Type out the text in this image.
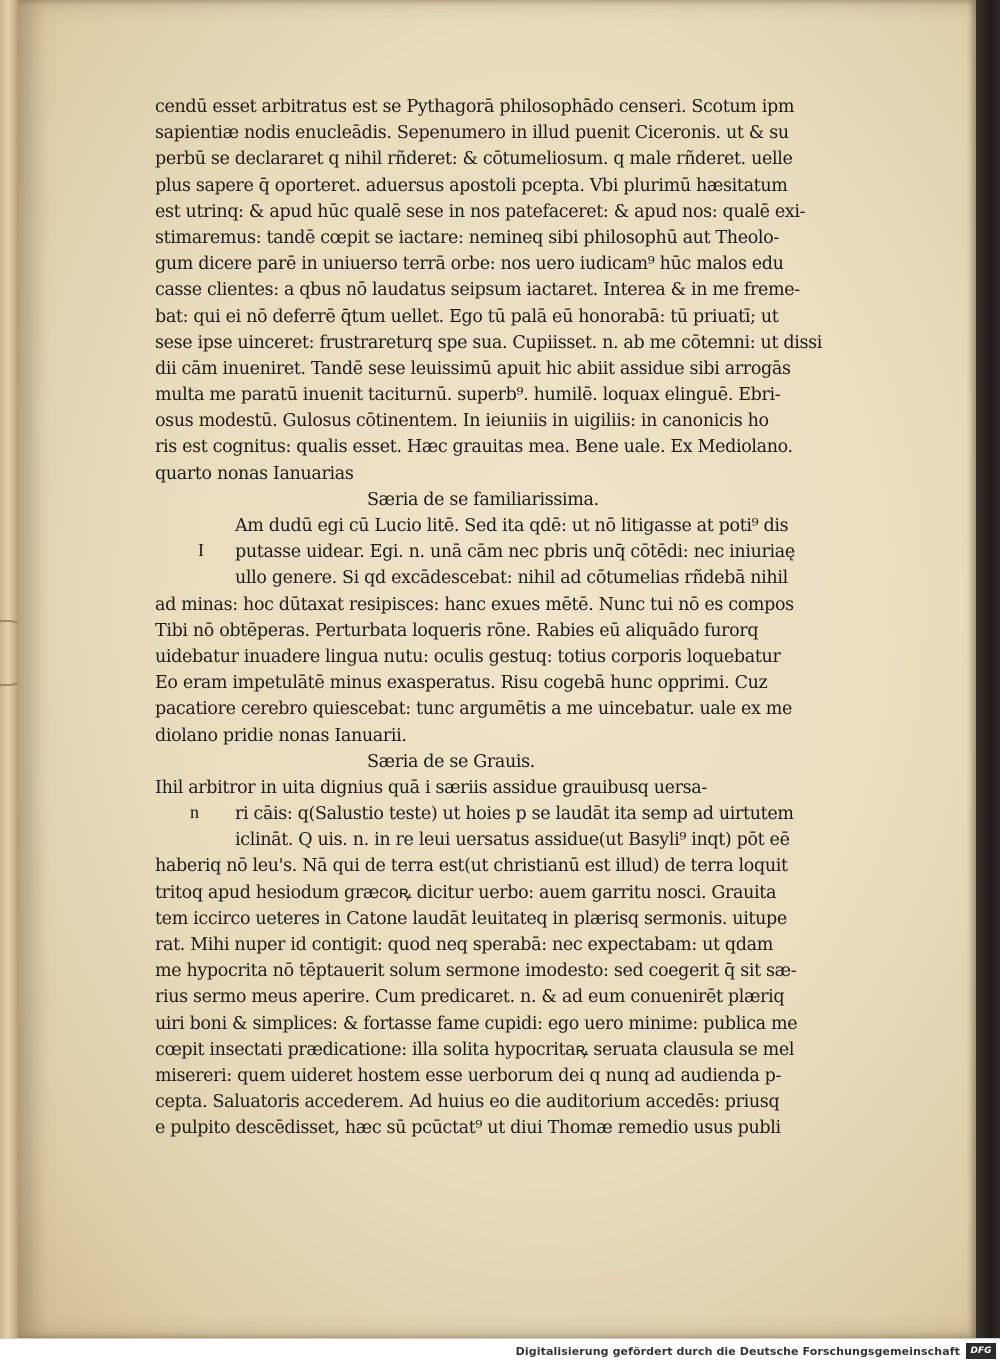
cendū esset arbitratus est se Pythagorā philosophādo censeri. Scotum ipm
sapientiæ nodis enucleādis. Sepenumero in illud puenit Ciceronis. ut & su
perbū se declararet q nihil rñderet: & cōtumeliosum. q male rñderet. uelle
plus sapere q̄ oporteret. aduersus apostoli pcepta. Vbi plurimū hæsitatum
est utrinq: & apud hūc qualē sese in nos patefaceret: & apud nos: qualē exi-
stimaremus: tandē cœpit se iactare: nemineq sibi philosophū aut Theolo-
gum dicere parē in uniuerso terrā orbe: nos uero iudicam⁹ hūc malos edu
casse clientes: a qbus nō laudatus seipsum iactaret. Interea & in me freme-
bat: qui ei nō deferrē q̄tum uellet. Ego tū palā eū honorabā: tū priuatī; ut
sese ipse uinceret: frustrareturq spe sua. Cupiisset. n. ab me cōtemni: ut dissi
dii cām inueniret. Tandē sese leuissimū apuit hic abiit assidue sibi arrogās
multa me paratū inuenit taciturnū. superb⁹. humilē. loquax elinguē. Ebri-
osus modestū. Gulosus cōtinentem. In ieiuniis in uigiliis: in canonicis ho
ris est cognitus: qualis esset. Hæc grauitas mea. Bene uale. Ex Mediolano.
quarto nonas Ianuarias
Særia de se familiarissima.
Am dudū egi cū Lucio litē. Sed ita qdē: ut nō litigasse at poti⁹ dis
putasse uidear. Egi. n. unā cām nec pbris unq̄ cōtēdi: nec iniuriaę
ullo genere. Si qd excādescebat: nihil ad cōtumelias rñdebā nihil
ad minas: hoc dūtaxat resipisces: hanc exues mētē. Nunc tui nō es compos
Tibi nō obtēperas. Perturbata loqueris rōne. Rabies eū aliquādo furorq
uidebatur inuadere lingua nutu: oculis gestuq: totius corporis loquebatur
Eo eram impetulātē minus exasperatus. Risu cogebā hunc opprimi. Cuz
pacatiore cerebro quiescebat: tunc argumētis a me uincebatur. uale ex me
diolano pridie nonas Ianuarii.
Særia de se Grauis.
Ihil arbitror in uita dignius quā i særiis assidue grauibusq uersa-
ri cāis: q(Salustio teste) ut hoies p se laudāt ita semp ad uirtutem
iclināt. Q uis. n. in re leui uersatus assidue(ut Basyli⁹ inqt) pōt eē
haberiq nō leu's. Nā qui de terra est(ut christianū est illud) de terra loquit
tritoq apud hesiodum græcoꝶ dicitur uerbo: auem garritu nosci. Grauita
tem iccirco ueteres in Catone laudāt leuitateq in plærisq sermonis. uitupe
rat. Mihi nuper id contigit: quod neq sperabā: nec expectabam: ut qdam
me hypocrita nō tēptauerit solum sermone imodesto: sed coegerit q̄ sit sæ-
rius sermo meus aperire. Cum predicaret. n. & ad eum conuenirēt plæriq
uiri boni & simplices: & fortasse fame cupidi: ego uero minime: publica me
cœpit insectati prædicatione: illa solita hypocritaꝶ seruata clausula se mel
misereri: quem uideret hostem esse uerborum dei q nunq ad audienda p-
cepta. Saluatoris accederem. Ad huius eo die auditorium accedēs: priusq
e pulpito descēdisset, hæc sū pcūctat⁹ ut diui Thomæ remedio usus publi
I
n
Digitalisierung gefördert durch die Deutsche Forschungsgemeinschaft	DFG
